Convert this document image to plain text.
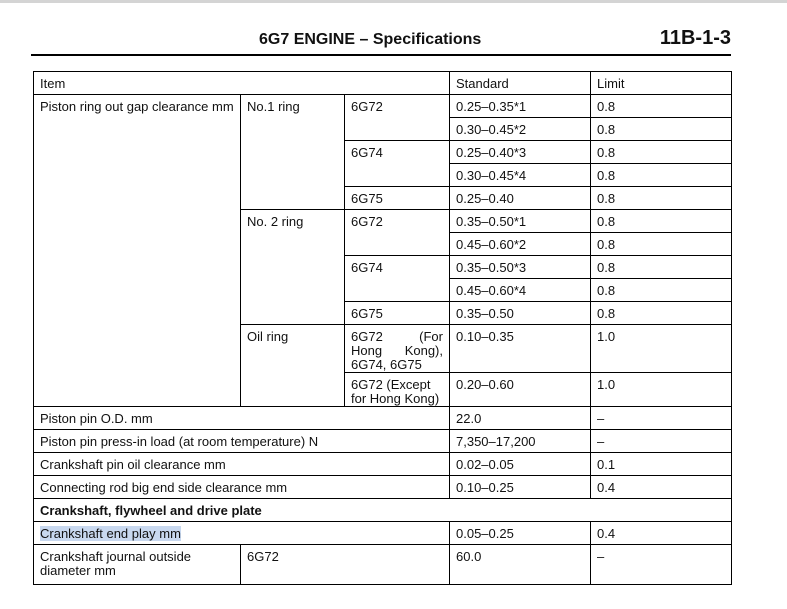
6G7 ENGINE – Specifications	11B-1-3
Item			Standard	Limit
Piston ring out gap clearance mm	No.1 ring	6G72	0.25–0.35*1	0.8
			0.30–0.45*2	0.8
		6G74	0.25–0.40*3	0.8
			0.30–0.45*4	0.8
		6G75	0.25–0.40	0.8
	No. 2 ring	6G72	0.35–0.50*1	0.8
			0.45–0.60*2	0.8
		6G74	0.35–0.50*3	0.8
			0.45–0.60*4	0.8
		6G75	0.35–0.50	0.8
	Oil ring	6G72 (For Hong Kong), 6G74, 6G75	0.10–0.35	1.0
		6G72 (Except for Hong Kong)	0.20–0.60	1.0
Piston pin O.D. mm			22.0	–
Piston pin press-in load (at room temperature) N			7,350–17,200	–
Crankshaft pin oil clearance mm			0.02–0.05	0.1
Connecting rod big end side clearance mm			0.10–0.25	0.4
Crankshaft, flywheel and drive plate				
Crankshaft end play mm			0.05–0.25	0.4
Crankshaft journal outside diameter mm	6G72		60.0	–
